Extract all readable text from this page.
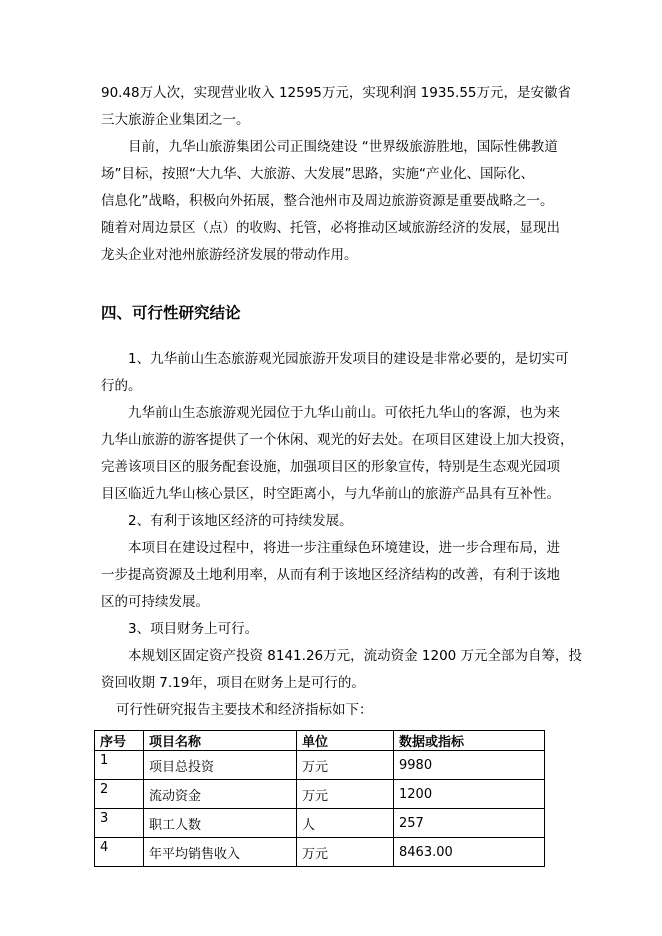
90.48万人次，实现营业收入 12595万元，实现利润 1935.55万元，是安徽省
三大旅游企业集团之一。
目前，九华山旅游集团公司正围绕建设 “世界级旅游胜地，国际性佛教道
场”目标，按照“大九华、大旅游、大发展”思路，实施“产业化、国际化、
信息化”战略，积极向外拓展，整合池州市及周边旅游资源是重要战略之一。
随着对周边景区（点）的收购、托管，必将推动区域旅游经济的发展，显现出
龙头企业对池州旅游经济发展的带动作用。
四、可行性研究结论
1、九华前山生态旅游观光园旅游开发项目的建设是非常必要的，是切实可
行的。
九华前山生态旅游观光园位于九华山前山。可依托九华山的客源，也为来
九华山旅游的游客提供了一个休闲、观光的好去处。在项目区建设上加大投资，
完善该项目区的服务配套设施，加强项目区的形象宣传，特别是生态观光园项
目区临近九华山核心景区，时空距离小，与九华前山的旅游产品具有互补性。
2、有利于该地区经济的可持续发展。
本项目在建设过程中，将进一步注重绿色环境建设，进一步合理布局，进
一步提高资源及土地利用率，从而有利于该地区经济结构的改善，有利于该地
区的可持续发展。
3、项目财务上可行。
本规划区固定资产投资 8141.26万元，流动资金 1200 万元全部为自筹，投
资回收期 7.19年，项目在财务上是可行的。
可行性研究报告主要技术和经济指标如下：
序号	项目名称	单位	数据或指标
1	项目总投资	万元	9980
2	流动资金	万元	1200
3	职工人数	人	257
4	年平均销售收入	万元	8463.00
